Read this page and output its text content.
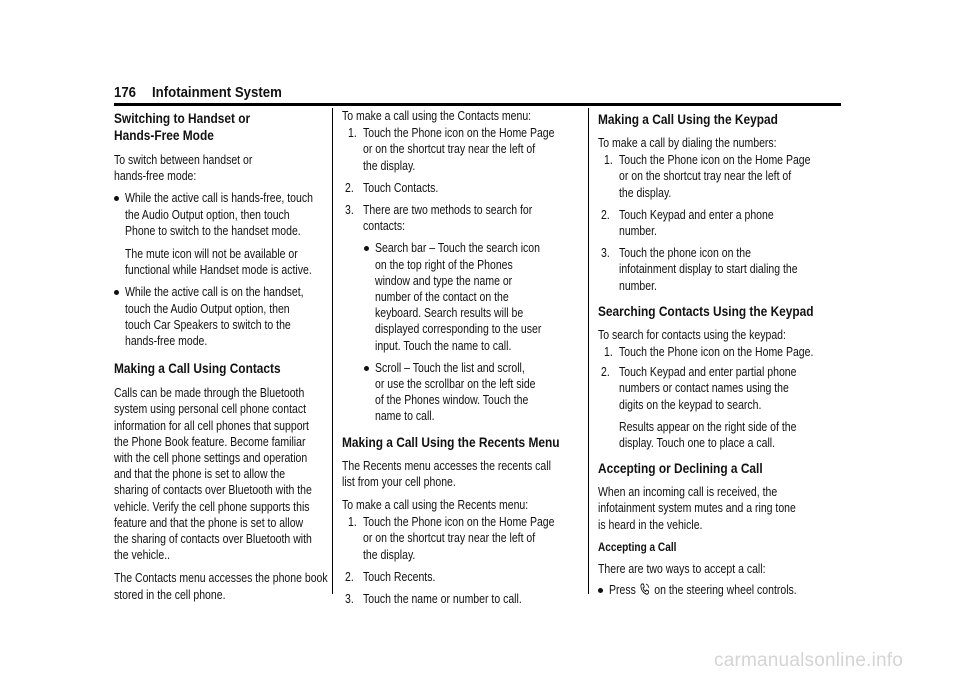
176 Infotainment System
Switching to Handset or
Hands-Free Mode
To switch between handset or
hands-free mode:
While the active call is hands-free, touch
the Audio Output option, then touch
Phone to switch to the handset mode.
The mute icon will not be available or
functional while Handset mode is active.
While the active call is on the handset,
touch the Audio Output option, then
touch Car Speakers to switch to the
hands-free mode.
Making a Call Using Contacts
Calls can be made through the Bluetooth
system using personal cell phone contact
information for all cell phones that support
the Phone Book feature. Become familiar
with the cell phone settings and operation
and that the phone is set to allow the
sharing of contacts over Bluetooth with the
vehicle. Verify the cell phone supports this
feature and that the phone is set to allow
the sharing of contacts over Bluetooth with
the vehicle..
The Contacts menu accesses the phone book
stored in the cell phone.
To make a call using the Contacts menu:
1. Touch the Phone icon on the Home Page
or on the shortcut tray near the left of
the display.
2. Touch Contacts.
3. There are two methods to search for
contacts:
Search bar – Touch the search icon
on the top right of the Phones
window and type the name or
number of the contact on the
keyboard. Search results will be
displayed corresponding to the user
input. Touch the name to call.
Scroll – Touch the list and scroll,
or use the scrollbar on the left side
of the Phones window. Touch the
name to call.
Making a Call Using the Recents Menu
The Recents menu accesses the recents call
list from your cell phone.
To make a call using the Recents menu:
1. Touch the Phone icon on the Home Page
or on the shortcut tray near the left of
the display.
2. Touch Recents.
3. Touch the name or number to call.
Making a Call Using the Keypad
To make a call by dialing the numbers:
1. Touch the Phone icon on the Home Page
or on the shortcut tray near the left of
the display.
2. Touch Keypad and enter a phone
number.
3. Touch the phone icon on the
infotainment display to start dialing the
number.
Searching Contacts Using the Keypad
To search for contacts using the keypad:
1. Touch the Phone icon on the Home Page.
2. Touch Keypad and enter partial phone
numbers or contact names using the
digits on the keypad to search.
Results appear on the right side of the
display. Touch one to place a call.
Accepting or Declining a Call
When an incoming call is received, the
infotainment system mutes and a ring tone
is heard in the vehicle.
Accepting a Call
There are two ways to accept a call:
Press on the steering wheel controls.
carmanualsonline.info
